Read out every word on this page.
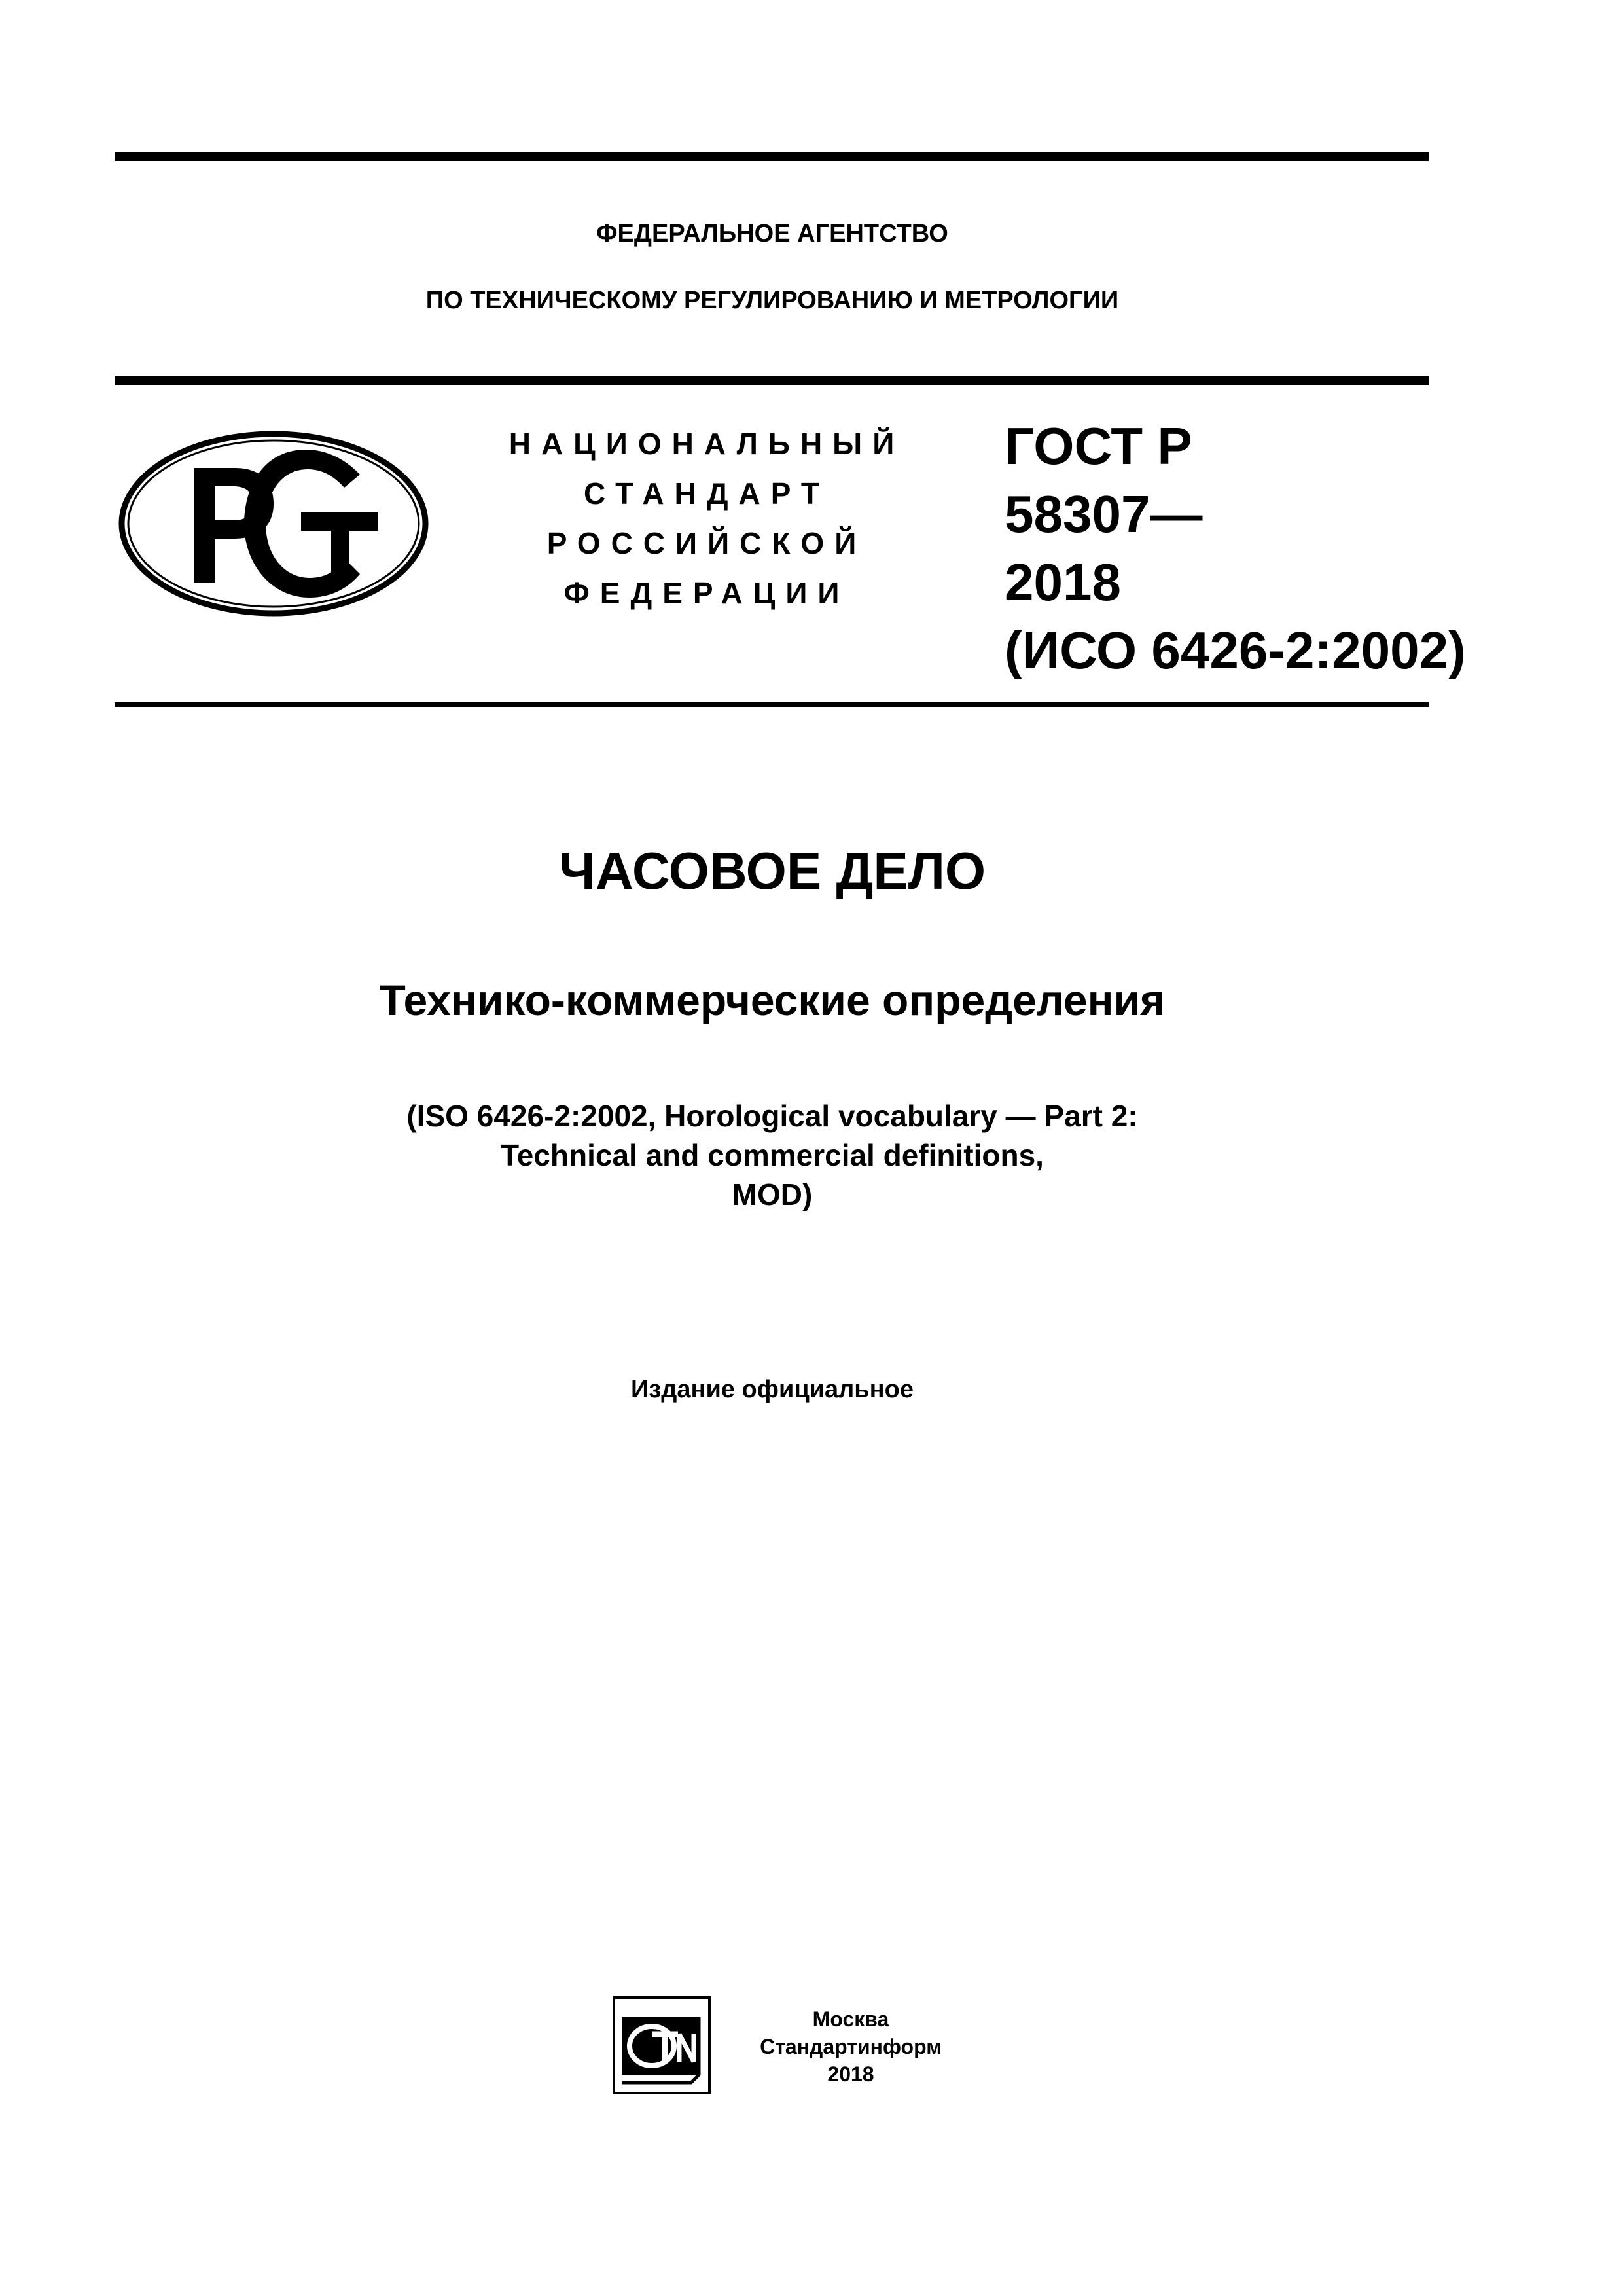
ФЕДЕРАЛЬНОЕ АГЕНТСТВО
ПО ТЕХНИЧЕСКОМУ РЕГУЛИРОВАНИЮ И МЕТРОЛОГИИ
НАЦИОНАЛЬНЫЙ
СТАНДАРТ
РОССИЙСКОЙ
ФЕДЕРАЦИИ
ГОСТ Р
58307—
2018
(ИСО 6426-2:2002)
ЧАСОВОЕ ДЕЛО
Технико-коммерческие определения
(ISO 6426-2:2002, Horological vocabulary — Part 2:
Technical and commercial definitions,
MOD)
Издание официальное
Москва
Стандартинформ
2018
